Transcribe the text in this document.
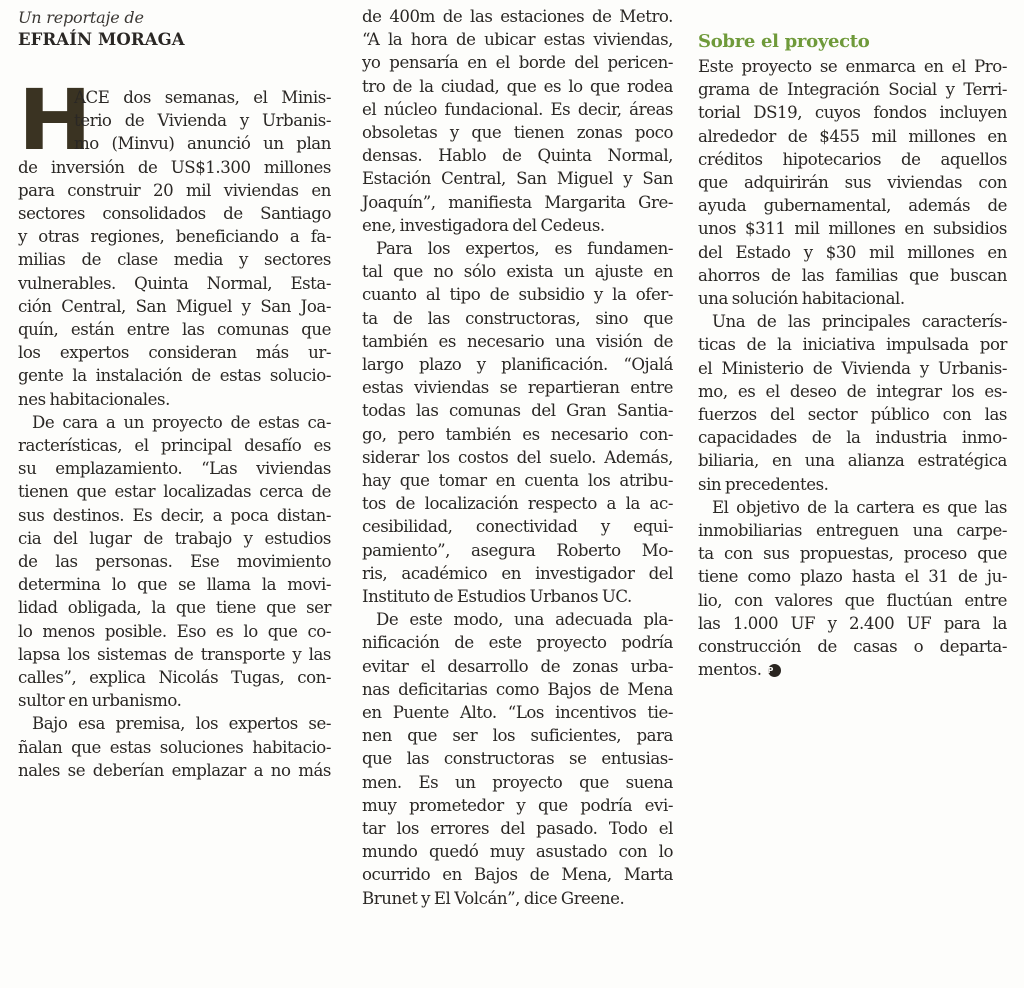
Un reportaje de
EFRAÍN MORAGA
H
ACE dos semanas, el Minis-
terio de Vivienda y Urbanis-
mo (Minvu) anunció un plan
de inversión de US$1.300 millones
para construir 20 mil viviendas en
sectores consolidados de Santiago
y otras regiones, beneficiando a fa-
milias de clase media y sectores
vulnerables. Quinta Normal, Esta-
ción Central, San Miguel y San Joa-
quín, están entre las comunas que
los expertos consideran más ur-
gente la instalación de estas solucio-
nes habitacionales.
De cara a un proyecto de estas ca-
racterísticas, el principal desafío es
su emplazamiento. “Las viviendas
tienen que estar localizadas cerca de
sus destinos. Es decir, a poca distan-
cia del lugar de trabajo y estudios
de las personas. Ese movimiento
determina lo que se llama la movi-
lidad obligada, la que tiene que ser
lo menos posible. Eso es lo que co-
lapsa los sistemas de transporte y las
calles”, explica Nicolás Tugas, con-
sultor en urbanismo.
Bajo esa premisa, los expertos se-
ñalan que estas soluciones habitacio-
nales se deberían emplazar a no más
de 400m de las estaciones de Metro.
“A la hora de ubicar estas viviendas,
yo pensaría en el borde del pericen-
tro de la ciudad, que es lo que rodea
el núcleo fundacional. Es decir, áreas
obsoletas y que tienen zonas poco
densas. Hablo de Quinta Normal,
Estación Central, San Miguel y San
Joaquín”, manifiesta Margarita Gre-
ene, investigadora del Cedeus.
Para los expertos, es fundamen-
tal que no sólo exista un ajuste en
cuanto al tipo de subsidio y la ofer-
ta de las constructoras, sino que
también es necesario una visión de
largo plazo y planificación. “Ojalá
estas viviendas se repartieran entre
todas las comunas del Gran Santia-
go, pero también es necesario con-
siderar los costos del suelo. Además,
hay que tomar en cuenta los atribu-
tos de localización respecto a la ac-
cesibilidad, conectividad y equi-
pamiento”, asegura Roberto Mo-
ris, académico en investigador del
Instituto de Estudios Urbanos UC.
De este modo, una adecuada pla-
nificación de este proyecto podría
evitar el desarrollo de zonas urba-
nas deficitarias como Bajos de Mena
en Puente Alto. “Los incentivos tie-
nen que ser los suficientes, para
que las constructoras se entusias-
men. Es un proyecto que suena
muy prometedor y que podría evi-
tar los errores del pasado. Todo el
mundo quedó muy asustado con lo
ocurrido en Bajos de Mena, Marta
Brunet y El Volcán”, dice Greene.
Sobre el proyecto
Este proyecto se enmarca en el Pro-
grama de Integración Social y Terri-
torial DS19, cuyos fondos incluyen
alrededor de $455 mil millones en
créditos hipotecarios de aquellos
que adquirirán sus viviendas con
ayuda gubernamental, además de
unos $311 mil millones en subsidios
del Estado y $30 mil millones en
ahorros de las familias que buscan
una solución habitacional.
Una de las principales caracterís-
ticas de la iniciativa impulsada por
el Ministerio de Vivienda y Urbanis-
mo, es el deseo de integrar los es-
fuerzos del sector público con las
capacidades de la industria inmo-
biliaria, en una alianza estratégica
sin precedentes.
El objetivo de la cartera es que las
inmobiliarias entreguen una carpe-
ta con sus propuestas, proceso que
tiene como plazo hasta el 31 de ju-
lio, con valores que fluctúan entre
las 1.000 UF y 2.400 UF para la
construcción de casas o departa-
mentos. P
